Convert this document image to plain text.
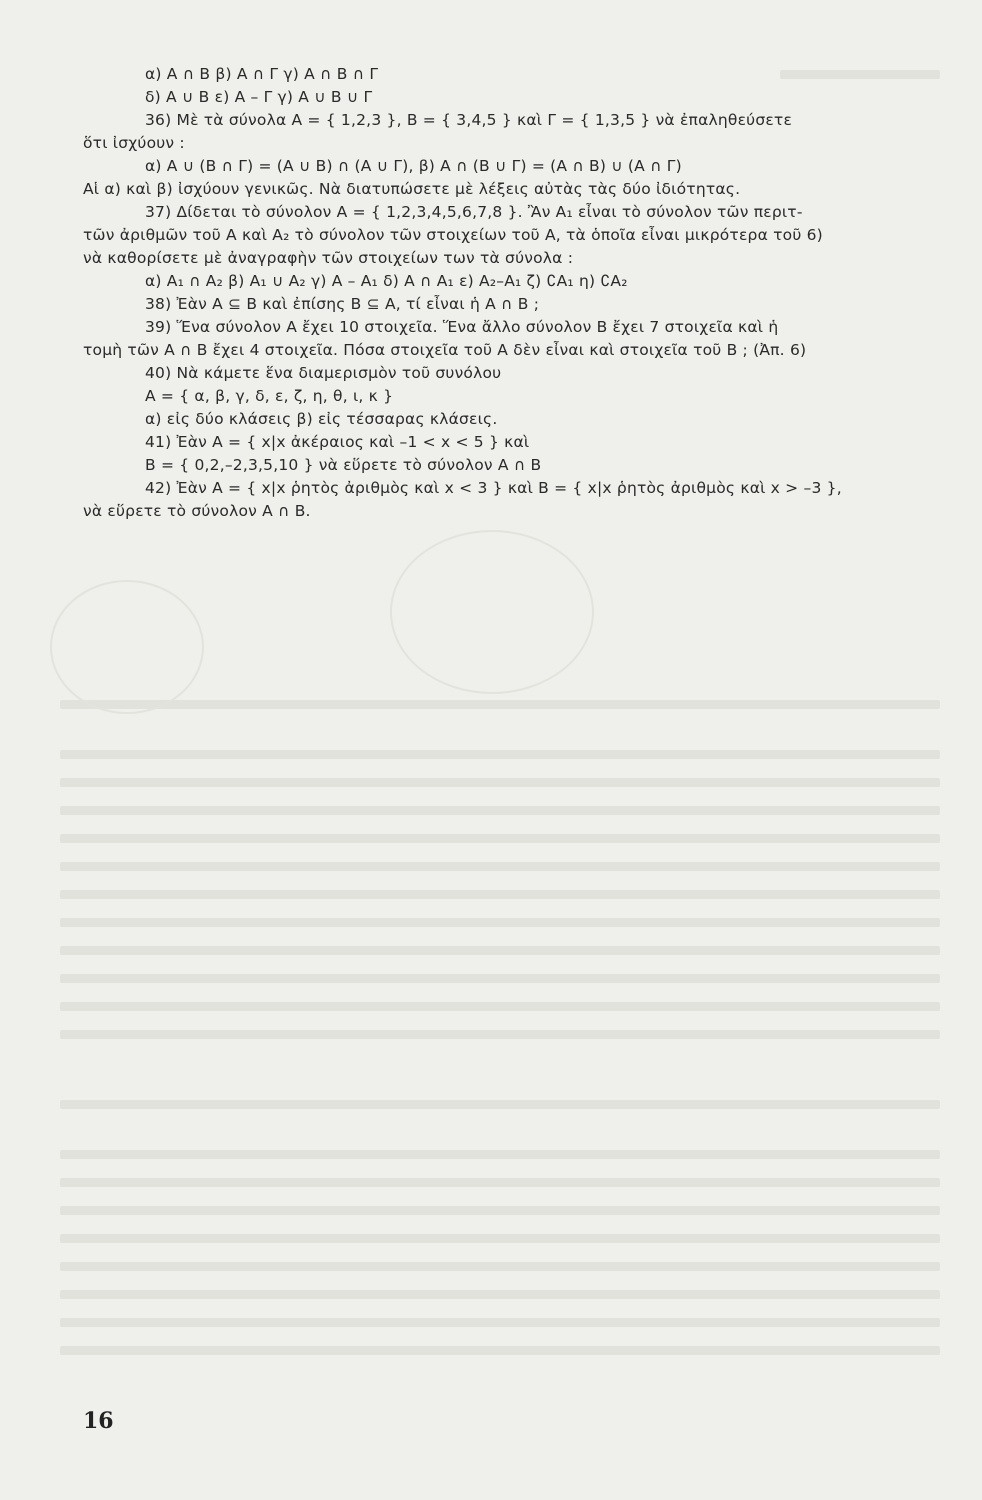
α) A ∩ B β) A ∩ Γ γ) A ∩ B ∩ Γ
δ) A ∪ B ε) A – Γ γ) A ∪ B ∪ Γ
36) Μὲ τὰ σύνολα A = { 1,2,3 }, B = { 3,4,5 } καὶ Γ = { 1,3,5 } νὰ ἐπαληθεύσετε
ὅτι ἰσχύουν :
α) A ∪ (B ∩ Γ) = (A ∪ B) ∩ (A ∪ Γ), β) A ∩ (B ∪ Γ) = (A ∩ B) ∪ (A ∩ Γ)
Αἱ α) καὶ β) ἰσχύουν γενικῶς. Νὰ διατυπώσετε μὲ λέξεις αὐτὰς τὰς δύο ἰδιότητας.
37) Δίδεται τὸ σύνολον A = { 1,2,3,4,5,6,7,8 }. Ἂν A₁ εἶναι τὸ σύνολον τῶν περιτ-
τῶν ἀριθμῶν τοῦ A καὶ A₂ τὸ σύνολον τῶν στοιχείων τοῦ A, τὰ ὁποῖα εἶναι μικρότερα τοῦ 6)
νὰ καθορίσετε μὲ ἀναγραφὴν τῶν στοιχείων των τὰ σύνολα :
α) A₁ ∩ A₂ β) A₁ ∪ A₂ γ) A – A₁ δ) A ∩ A₁ ε) A₂–A₁ ζ) ∁A₁ η) ∁A₂
38) Ἐὰν A ⊆ B καὶ ἐπίσης B ⊆ A, τί εἶναι ἡ A ∩ B ;
39) Ἕνα σύνολον A ἔχει 10 στοιχεῖα. Ἕνα ἄλλο σύνολον B ἔχει 7 στοιχεῖα καὶ ἡ
τομὴ τῶν A ∩ B ἔχει 4 στοιχεῖα. Πόσα στοιχεῖα τοῦ A δὲν εἶναι καὶ στοιχεῖα τοῦ B ; (Ἀπ. 6)
40) Νὰ κάμετε ἕνα διαμερισμὸν τοῦ συνόλου
A = { α, β, γ, δ, ε, ζ, η, θ, ι, κ }
α) εἰς δύο κλάσεις β) εἰς τέσσαρας κλάσεις.
41) Ἐὰν A = { x|x ἀκέραιος καὶ –1 < x < 5 } καὶ
B = { 0,2,–2,3,5,10 } νὰ εὕρετε τὸ σύνολον A ∩ B
42) Ἐὰν A = { x|x ῥητὸς ἀριθμὸς καὶ x < 3 } καὶ B = { x|x ῥητὸς ἀριθμὸς καὶ x > –3 },
νὰ εὕρετε τὸ σύνολον A ∩ B.
16
